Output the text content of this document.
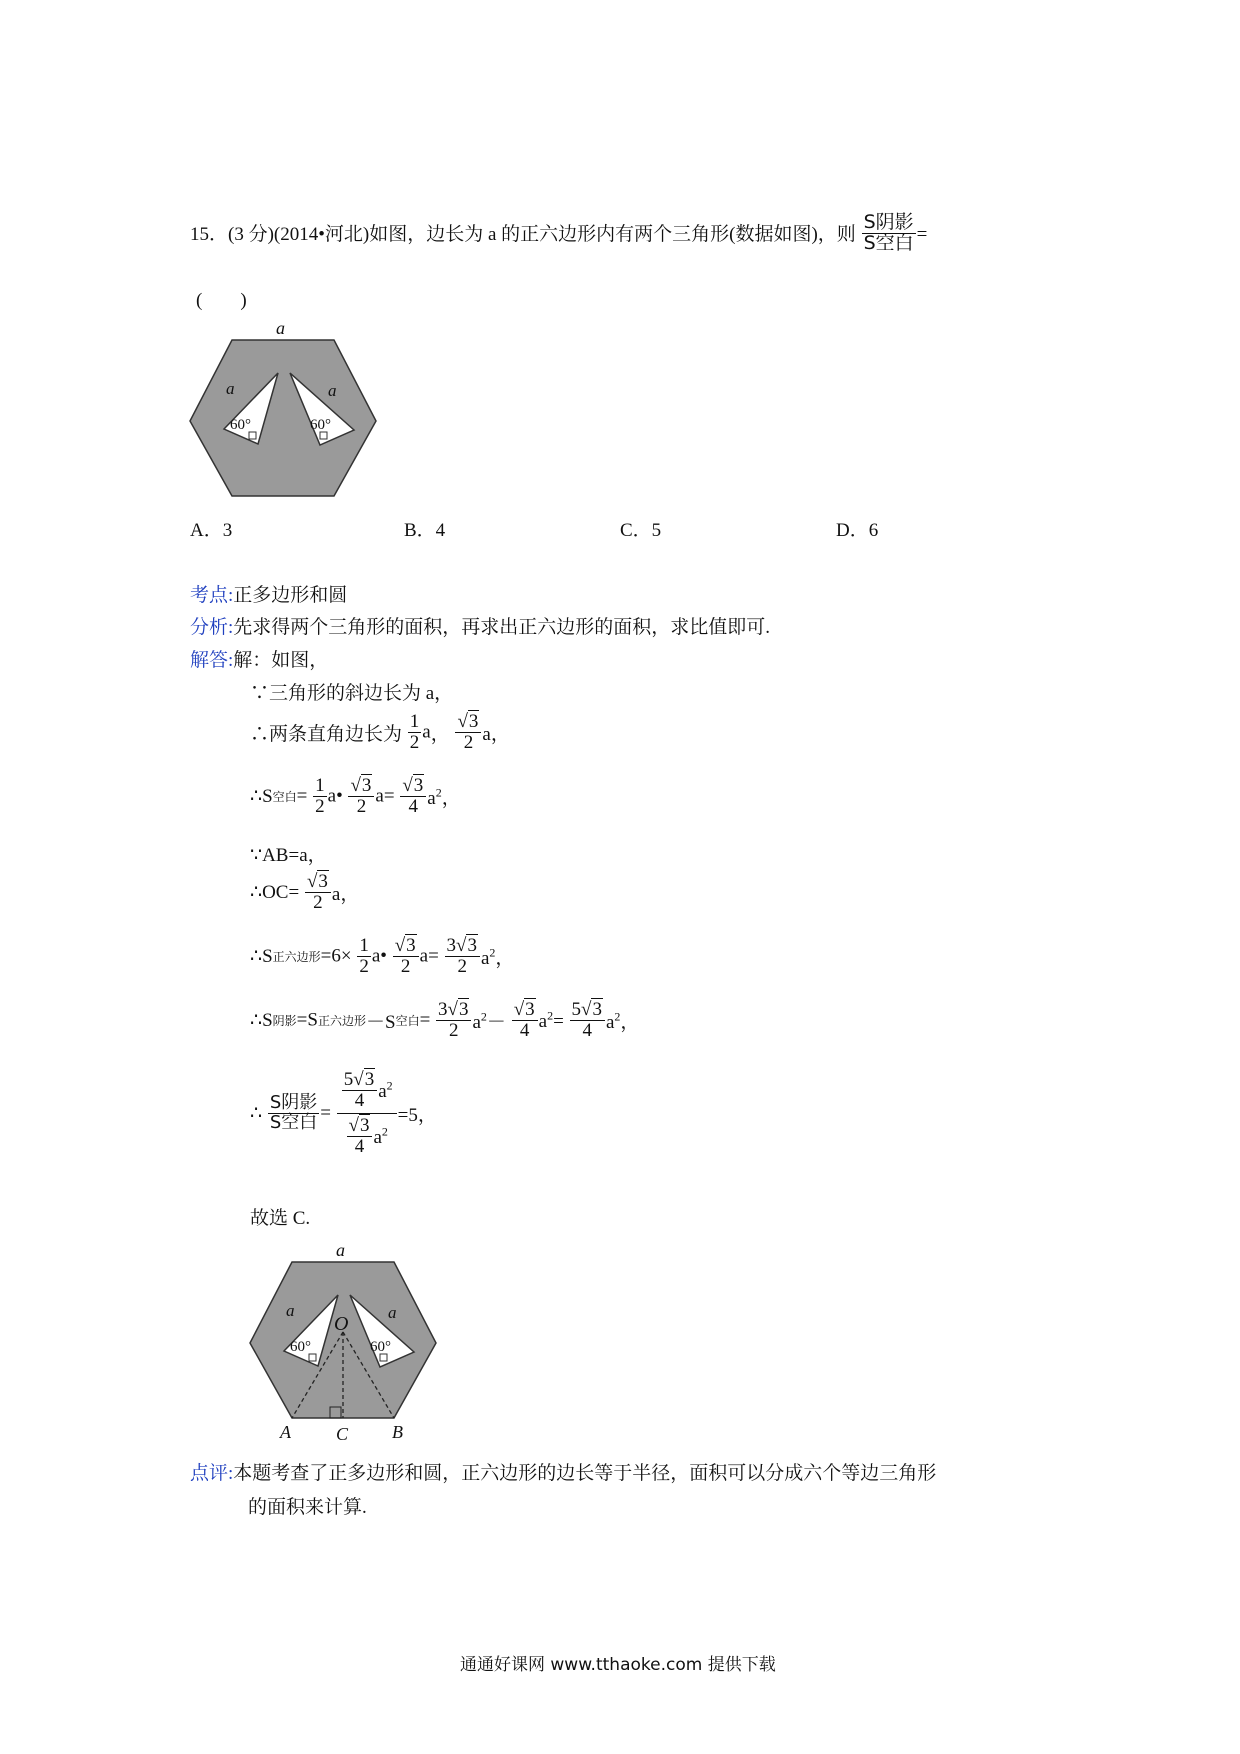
15．(3 分)(2014•河北)如图，边长为 a 的正六边形内有两个三角形(数据如图)，则 $\frac{\text{S阴影}}{\text{S空白}}$ =
(　　)
a
a	a
60°	60°
A．3	B．4	C．5	D．6
考点:正多边形和圆
分析:先求得两个三角形的面积，再求出正六边形的面积，求比值即可.
解答:解：如图，
∵三角形的斜边长为 a，
∴两条直角边长为 $\frac{1}{2}$ a， $\frac{√3}{2}$ a，
∴S空白= $\frac{1}{2}$ a• $\frac{√3}{2} a= \frac{√3}{4} a^2$，
∵AB=a，
∴OC= $\frac{√3}{2}$ a，
∴S正六边形$=6\times \frac{1}{2}$ a• $\frac{√3}{2} a= \frac{3√3}{2} a^2$，
∴S阴影=S正六边形－S空白= $\frac{3√3}{2} a^2- \frac{√3}{4} a^2= \frac{5√3}{4} a^2$，
∴ $\frac{\text{S阴影}}{\text{S空白}} = \frac{\frac{5√3}{4} a^2}{\frac{√3}{4} a^2} =5$，
故选 C.
a
a	a
60°	60°
O
A	C B
点评:本题考查了正多边形和圆，正六边形的边长等于半径，面积可以分成六个等边三角形
的面积来计算.
通通好课网 www.tthaoke.com 提供下载
